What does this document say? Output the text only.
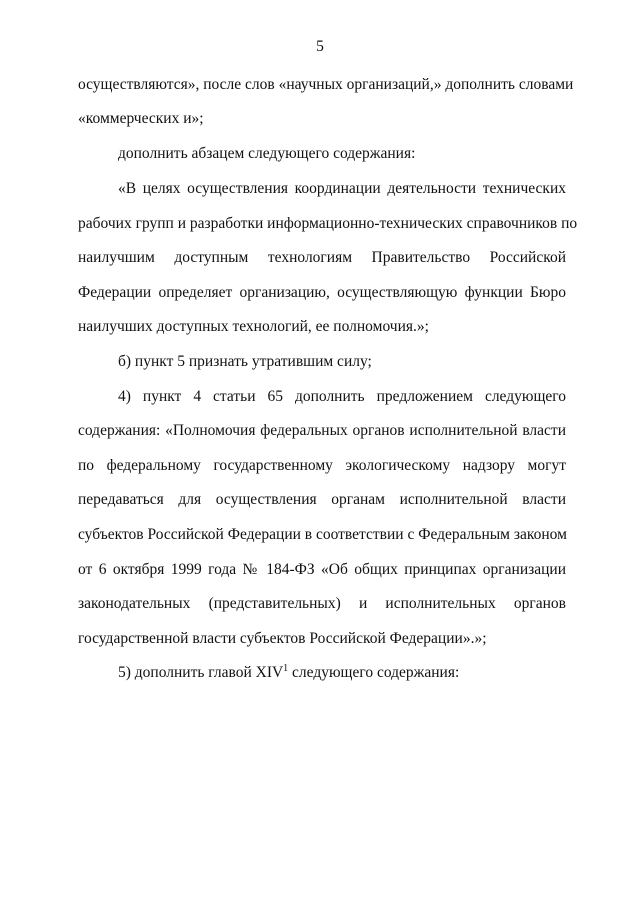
5
осуществляются», после слов «научных организаций,» дополнить словами
«коммерческих и»;
дополнить абзацем следующего содержания:
«В целях осуществления координации деятельности технических
рабочих групп и разработки информационно-технических справочников по
наилучшим доступным технологиям Правительство Российской
Федерации определяет организацию, осуществляющую функции Бюро
наилучших доступных технологий, ее полномочия.»;
б) пункт 5 признать утратившим силу;
4) пункт 4 статьи 65 дополнить предложением следующего
содержания: «Полномочия федеральных органов исполнительной власти
по федеральному государственному экологическому надзору могут
передаваться для осуществления органам исполнительной власти
субъектов Российской Федерации в соответствии с Федеральным законом
от 6 октября 1999 года № 184-ФЗ «Об общих принципах организации
законодательных (представительных) и исполнительных органов
государственной власти субъектов Российской Федерации».»;
5) дополнить главой XIV$^1$ следующего содержания:
